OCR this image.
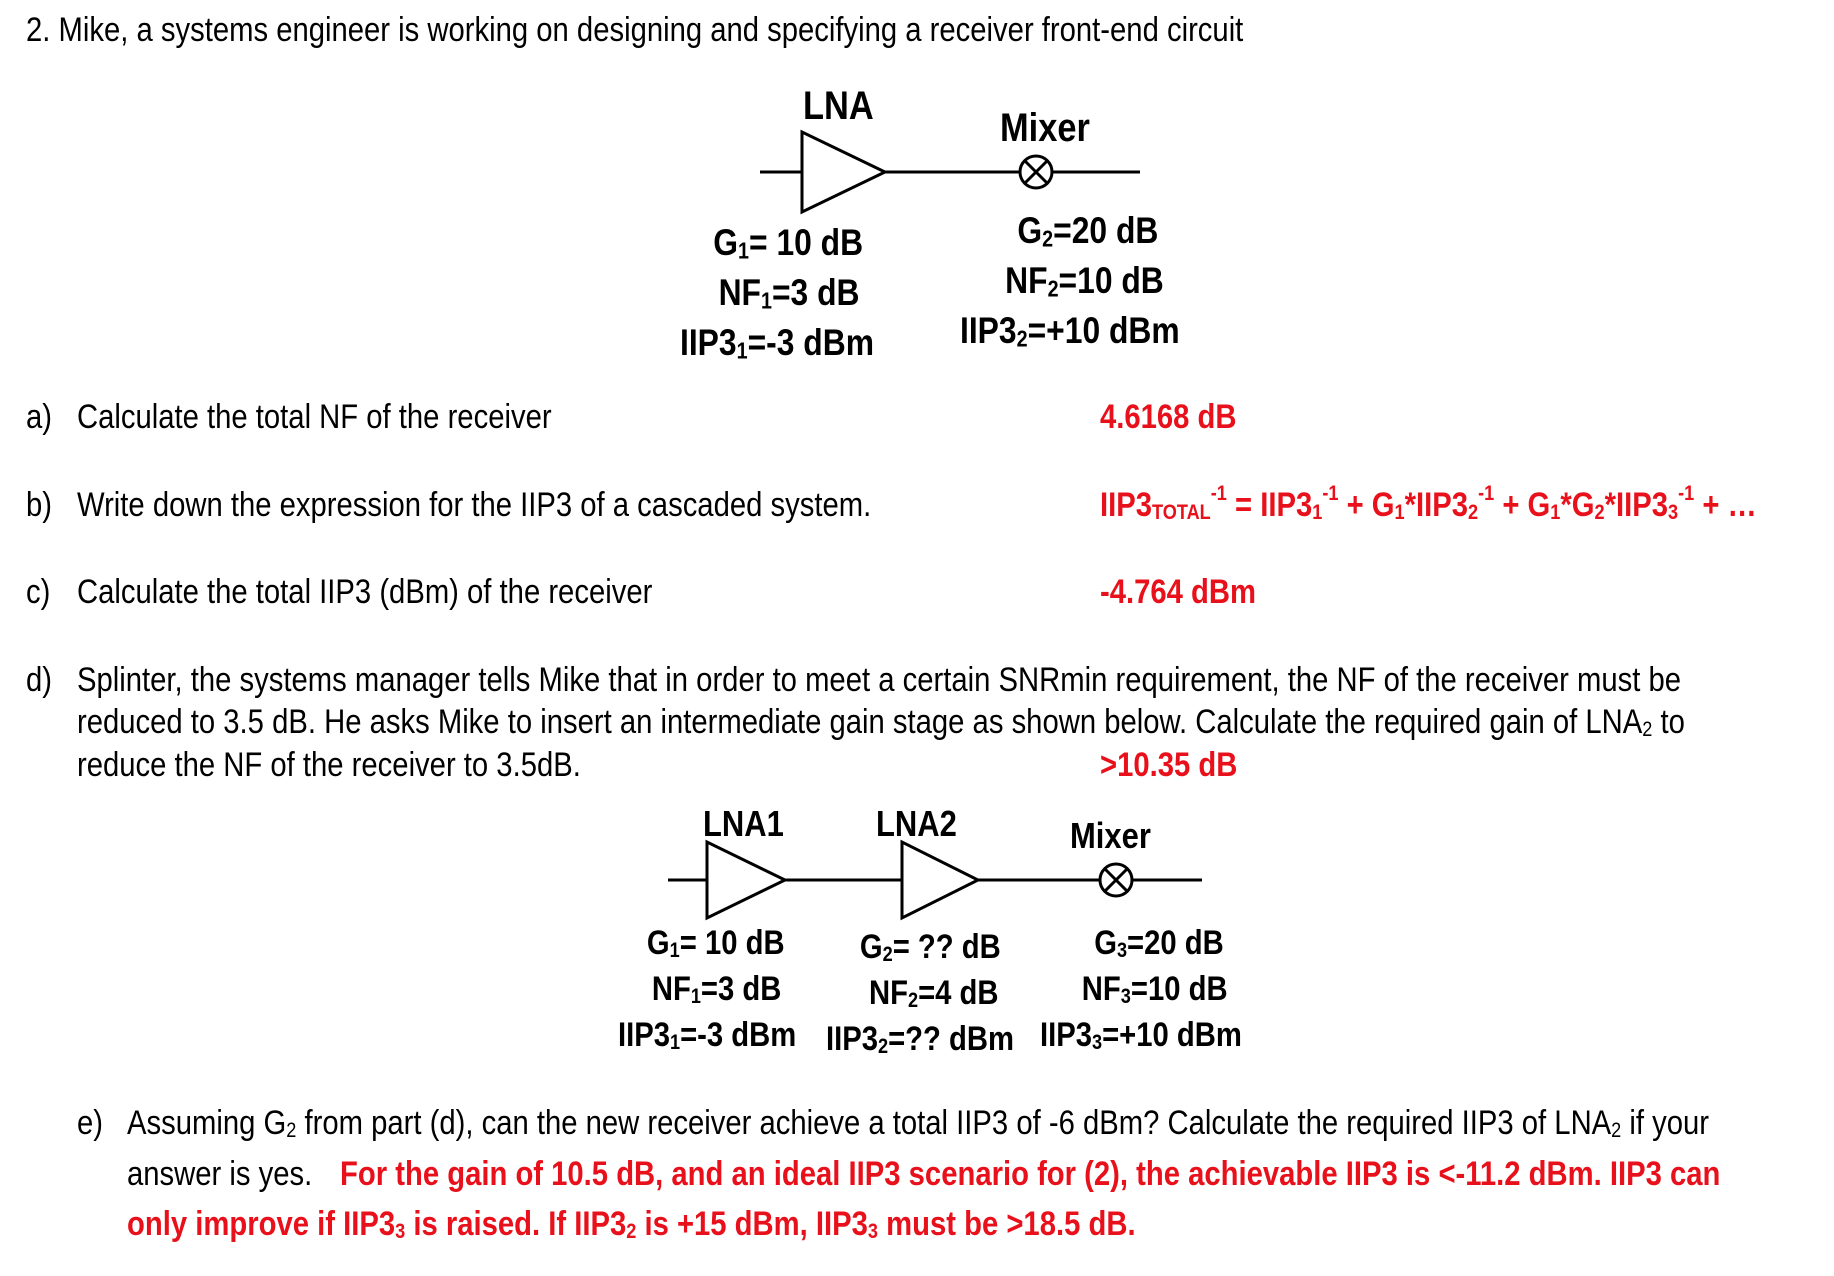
2. Mike, a systems engineer is working on designing and specifying a receiver front-end circuit
LNA	Mixer
$G_1= 10$ dB
$NF_1=3$ dB
$IIP3_1=-3$ dBm
$G_2=20$ dB
$NF_2=10$ dB
$IIP3_2=+10$ dBm
a) Calculate the total NF of the receiver	4.6168 dB
b) Write down the expression for the IIP3 of a cascaded system.	$IIP3_{TOTAL}^{-1} = IIP3_1^{-1} + G_1*IIP3_2^{-1} + G_1*G_2*IIP3_3^{-1}$ + …
c) Calculate the total IIP3 (dBm) of the receiver	-4.764 dBm
d) Splinter, the systems manager tells Mike that in order to meet a certain SNRmin requirement, the NF of the receiver must be
reduced to 3.5 dB. He asks Mike to insert an intermediate gain stage as shown below. Calculate the required gain of $LNA_2$ to
reduce the NF of the receiver to 3.5dB.	>10.35 dB
LNA1	LNA2	Mixer
$G_1= 10$ dB
$NF_1=3$ dB
$IIP3_1=-3$ dBm
$G_2=$ ?? dB
$NF_2=4$ dB
$IIP3_2=$?? dBm
$G_3=20$ dB
$NF_3=10$ dB
$IIP3_3=+10$ dBm
e) Assuming $G_2$ from part (d), can the new receiver achieve a total IIP3 of -6 dBm? Calculate the required IIP3 of $LNA_2$ if your
answer is yes. For the gain of 10.5 dB, and an ideal IIP3 scenario for (2), the achievable IIP3 is <-11.2 dBm. IIP3 can
only improve if $IIP3_3$ is raised. If $IIP3_2$ is +15 dBm, $IIP3_3$ must be >18.5 dB.
